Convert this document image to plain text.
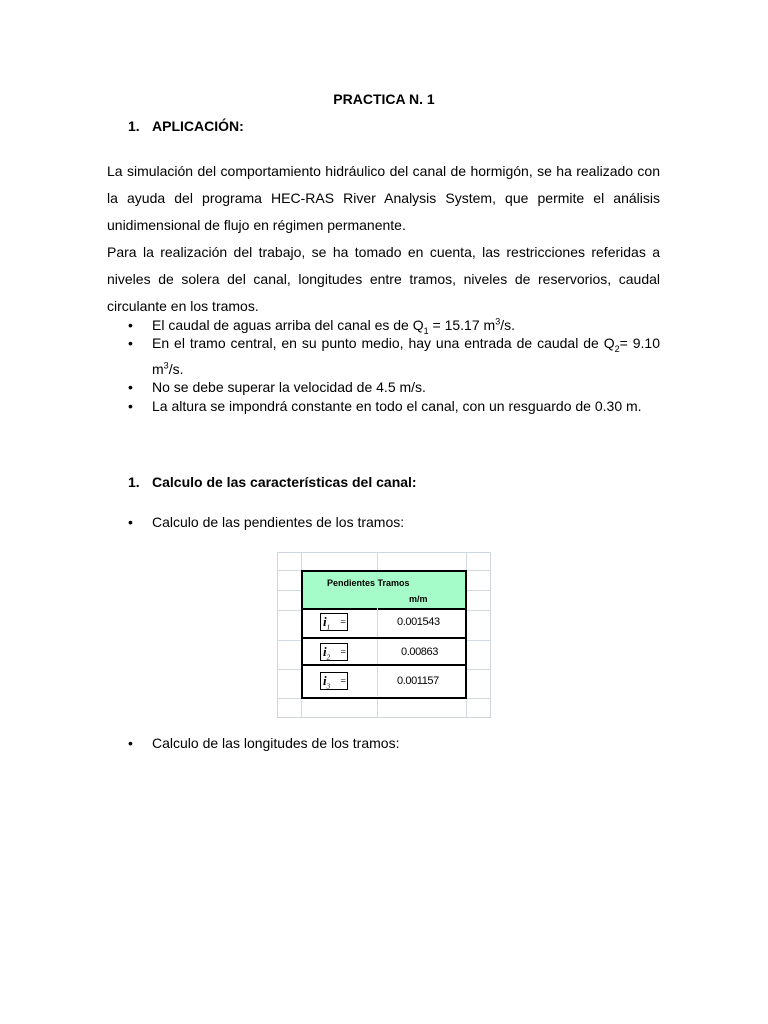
PRACTICA N. 1
1. APLICACIÓN:
La simulación del comportamiento hidráulico del canal de hormigón, se ha realizado con la ayuda del programa HEC-RAS River Analysis System, que permite el análisis unidimensional de flujo en régimen permanente.
Para la realización del trabajo, se ha tomado en cuenta, las restricciones referidas a niveles de solera del canal, longitudes entre tramos, niveles de reservorios, caudal circulante en los tramos.
• El caudal de aguas arriba del canal es de $Q_1 = 15.17$ $m^3/s$.
• En el tramo central, en su punto medio, hay una entrada de caudal de $Q_2= 9.10$ $m^3/s$.
• No se debe superar la velocidad de 4.5 m/s.
• La altura se impondrá constante en todo el canal, con un resguardo de 0.30 m.
1. Calculo de las características del canal:
• Calculo de las pendientes de los tramos:
Pendientes Tramos
m/m
$i_1$ =	0.001543
$i_2$ =	0.00863
$i_3$ =	0.001157
• Calculo de las longitudes de los tramos:
